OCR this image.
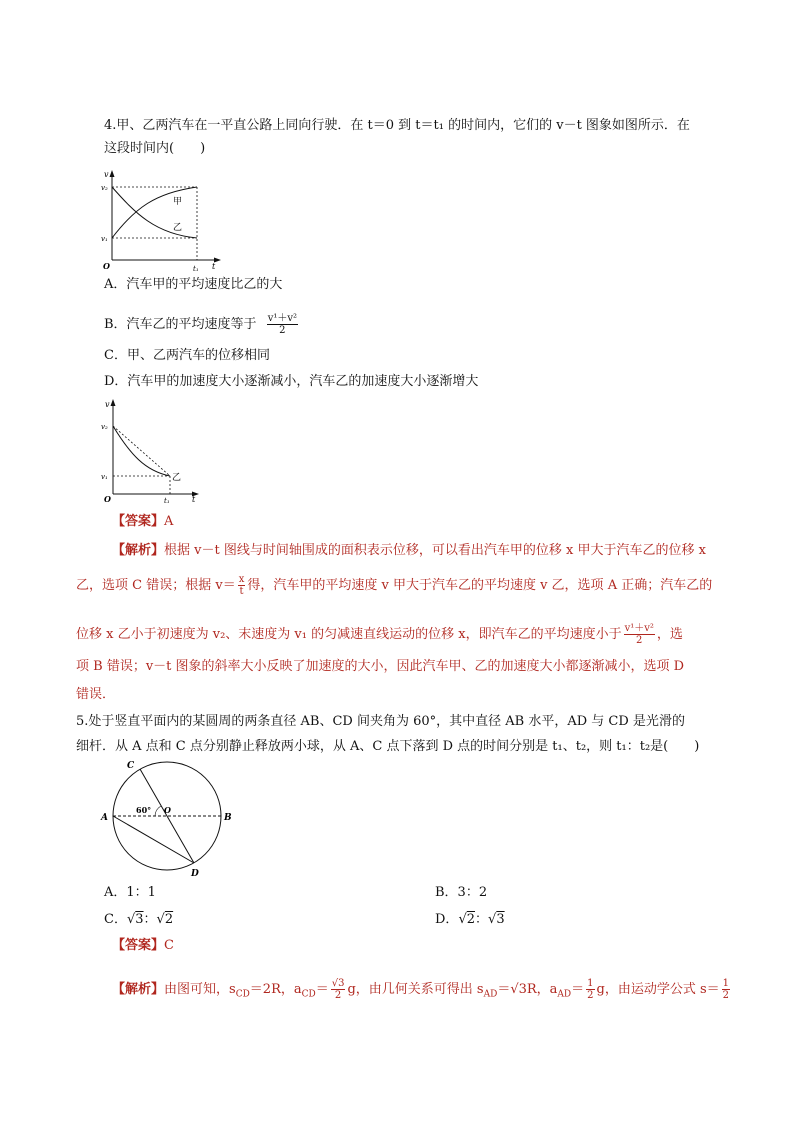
4.甲、乙两汽车在一平直公路上同向行驶．在 t＝0 到 t＝t₁ 的时间内，它们的 v－t 图象如图所示．在
这段时间内(　　)
v
v₂
v₁
O	t₁ t
甲
乙
A．汽车甲的平均速度比乙的大
B．汽车乙的平均速度等于 $\frac{\text{v¹＋v²}}{2}$
C．甲、乙两汽车的位移相同
D．汽车甲的加速度大小逐渐减小，汽车乙的加速度大小逐渐增大
v
v₂
v₁
O	t₁	t
乙
【答案】A
【解析】根据 v－t 图线与时间轴围成的面积表示位移，可以看出汽车甲的位移 x 甲大于汽车乙的位移 x
乙，选项 C 错误；根据 $v= \frac{x}{t}$ 得，汽车甲的平均速度 v 甲大于汽车乙的平均速度 v 乙，选项 A 正确；汽车乙的
位移 x 乙小于初速度为 v₂、末速度为 v₁ 的匀减速直线运动的位移 x，即汽车乙的平均速度小于 $\frac{\text{v¹＋v²}}{2}$ ，选
项 B 错误；v－t 图象的斜率大小反映了加速度的大小，因此汽车甲、乙的加速度大小都逐渐减小，选项 D
错误．
5.处于竖直平面内的某圆周的两条直径 AB、CD 间夹角为 60°，其中直径 AB 水平，AD 与 CD 是光滑的
细杆．从 A 点和 C 点分别静止释放两小球，从 A、C 点下落到 D 点的时间分别是 t₁、t₂，则 t₁：t₂是(　　)
A	B
C
D
O
60°
A．1：1	B．3：2
C．√3：√2	D．√2：√3
【答案】C
【解析】由图可知，$s_{CD}=2R$，$a_{CD}= \frac{√3}{2}$ g，由几何关系可得出 $s_{AD}=√3R$，$a_{AD}= \frac{1}{2}$ g，由运动学公式 $s= \frac{1}{2}$
